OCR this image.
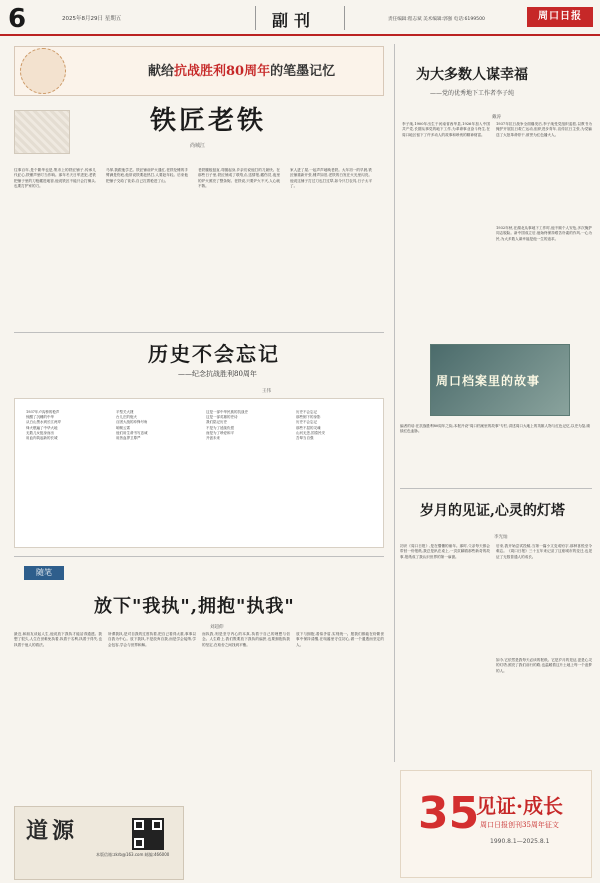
6	2025年8月29日 星期五	副刊	责任编辑:程志斌 美术编辑:郭强 电话:6199500	周口日报
献给抗战胜利80周年的笔墨记忆
铁匠老铁
尚城江
往事百年,是个繁华也是,集市上的铁匠铺子,传承几代匠心,铁锤声里叮当作响。那年冬天日军进犯,老铁把铺子里的刀枪藏进地窖,他说铁匠不能只会打锄头,也要打护家的刀。
马掌,我跟他学艺。铁匠铺前炉火通红,老铁抡锤的手臂满是伤疤,他常说铁要趁热打,人要趁年轻。后来他把铺子交给了徒弟,自己扛着枪进了山。
老铁腰板挺直,弯腰起身,乡亲们说他打的刀最快。在那些日子里,铁匠铺成了联络点,送情报,藏伤员,夜里的炉火照亮了整条街。老铁说,只要炉火不灭,人心就不散。
家人进了屋,一起声声地唤老铁。大年初一的早晨,铁匠铺重新开张,锤声如旧,老铁的白发在火光里闪亮。他说这铺子打过刀也打过犁,如今只打农具,日子太平了。
为大多数人谋幸福
——党的优秀地下工作者李子纯
戴涛
李子纯,1900年出生于河南省西华县,1926年加入中国共产党,长期从事党的地下工作,为革命事业奋斗终生,在周口地区留下了许多动人的故事和珍贵的精神财富。
1937年抗日战争全面爆发后,李子纯受党组织委派,以教书为掩护开展抗日救亡运动,组织进步青年,宣传抗日主张,为党输送了大批革命骨干,被誉为红色播火人。
1932年秋,在湖北从事地下工作时,他不顾个人安危,多次掩护同志脱险。新中国成立后,他始终保持艰苦朴素的作风,一心为民,为大多数人谋幸福是他一生的追求。
周口档案里的故事
编者的话:在抗战胜利80周年之际,本报开设"周口档案里的故事"专栏,讲述周口大地上的英雄人物与红色记忆,以史为鉴,赓续红色血脉。
历史不会忘记
——纪念抗战胜利80周年
王伟
1937年卢沟桥的枪声
惊醒了沉睡的中华
从白山黑水到长江两岸
烽火燃遍了中华大地
无数儿女挺身而出
用血肉筑起新的长城
平型关大捷
台儿庄的炮火
百团大战的冲锋号角
响彻云霄
他们用生命书写忠诚
用热血捍卫尊严
这是一部中华民族的抗战史
这是一部英雄的史诗
我们铭记历史
不是为了延续仇恨
而是为了珍爱和平
开创未来
历史不会忘记
那些倒下的身影
历史不会忘记
那些不屈的灵魂
山河无恙,国泰民安
吾辈当自强
随笔
放下"我执",拥抱"执我"
刘超仰
最近,和朋友谈起人生,他说放下我执才能活得通透。我想了很久,人生在世难免执着,执着于名利,执着于得失,也执着于他人的看法。
所谓我执,是对自我的过度执着,把自己看得太重,事事以自我为中心。放下我执,不是放弃自我,而是学会接纳,学会包容,学会与世界和解。
而执我,则是坚守内心的本真,执着于自己的理想与信念。人生路上,我们既要放下我执的偏狭,也要拥抱执我的坚定,在取舍之间找到平衡。
放下与拥抱,看似矛盾,实则统一。愿我们都能在纷繁世事中保持清醒,在喧嚣里守住初心,做一个通透而坚定的人。
岁月的见证,心灵的灯塔
李光灿
初识《周口日报》,是在懵懂的童年。那时,父亲每天都会带回一份报纸,我总是趴在桌上,一页页翻看那些新奇的故事,报纸成了我认识世界的第一扇窗。
后来,我开始尝试投稿,当第一篇小文变成铅字,那种喜悦至今难忘。《周口日报》三十五年来记录了这座城市的变迁,也见证了无数普通人的成长。
如今,它依然是我每天必读的报纸。它是岁月的见证,更是心灵的灯塔,照亮了我们前行的路,也温暖着这片土地上每一个追梦的人。
道源
本版信箱:zkrb@163.com 邮编:466000
35
见证·成长
周口日报创刊35周年征文
1990.8.1—2025.8.1
